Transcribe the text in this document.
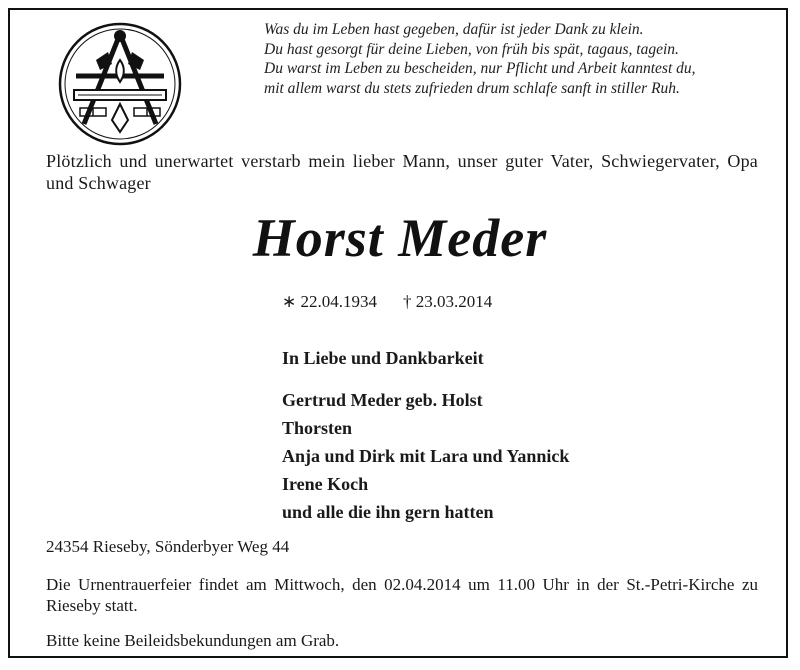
Was du im Leben hast gegeben, dafür ist jeder Dank zu klein.
Du hast gesorgt für deine Lieben, von früh bis spät, tagaus, tagein.
Du warst im Leben zu bescheiden, nur Pflicht und Arbeit kanntest du,
mit allem warst du stets zufrieden drum schlafe sanft in stiller Ruh.
Plötzlich und unerwartet verstarb mein lieber Mann, unser guter Vater, Schwiegervater, Opa und Schwager
Horst Meder
∗ 22.04.1934 † 23.03.2014
In Liebe und Dankbarkeit
Gertrud Meder geb. Holst
Thorsten
Anja und Dirk mit Lara und Yannick
Irene Koch
und alle die ihn gern hatten
24354 Rieseby, Sönderbyer Weg 44
Die Urnentrauerfeier findet am Mittwoch, den 02.04.2014 um 11.00 Uhr in der St.-Petri-Kirche zu Rieseby statt.
Bitte keine Beileidsbekundungen am Grab.
